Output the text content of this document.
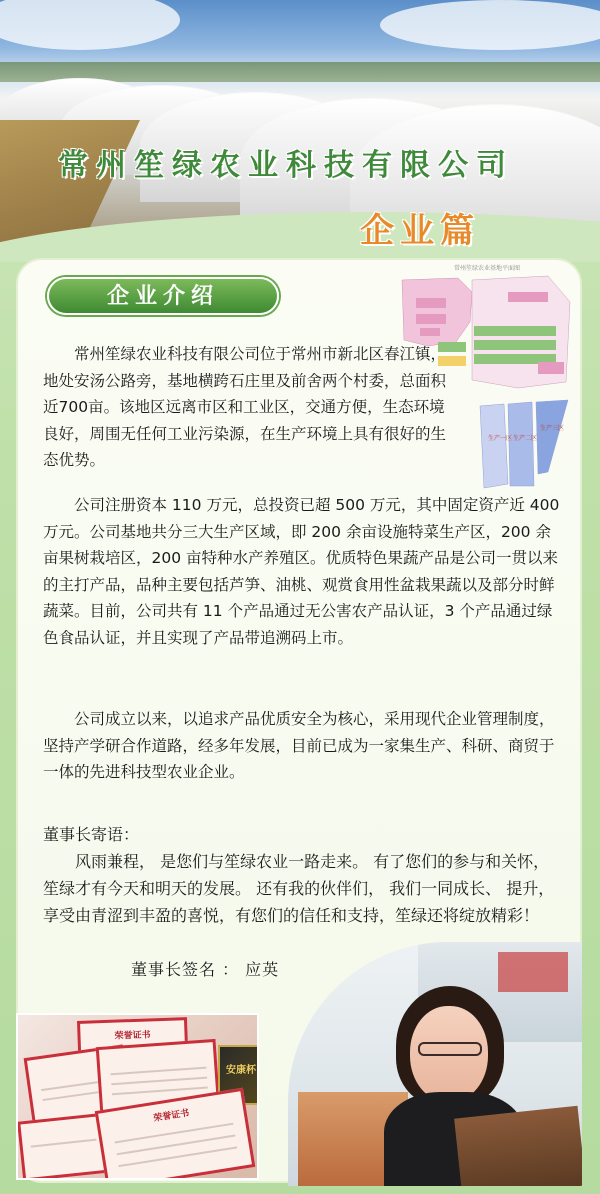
常州笙绿农业科技有限公司
企业篇
企业介绍
常州笙绿农业基地平面图
生产一区 生产二区
生产三区
常州笙绿农业科技有限公司位于常州市新北区春江镇，地处安汤公路旁，基地横跨石庄里及前舍两个村委，总面积近700亩。该地区远离市区和工业区，交通方便，生态环境良好，周围无任何工业污染源，在生产环境上具有很好的生态优势。
公司注册资本 110 万元，总投资已超 500 万元，其中固定资产近 400 万元。公司基地共分三大生产区域，即 200 余亩设施特菜生产区，200 余亩果树栽培区，200 亩特种水产养殖区。优质特色果蔬产品是公司一贯以来的主打产品，品种主要包括芦笋、油桃、观赏食用性盆栽果蔬以及部分时鲜蔬菜。目前，公司共有 11 个产品通过无公害农产品认证，3 个产品通过绿色食品认证，并且实现了产品带追溯码上市。
公司成立以来，以追求产品优质安全为核心，采用现代企业管理制度，坚持产学研合作道路，经多年发展，目前已成为一家集生产、科研、商贸于一体的先进科技型农业企业。
董事长寄语：
风雨兼程， 是您们与笙绿农业一路走来。 有了您们的参与和关怀， 笙绿才有今天和明天的发展。 还有我的伙伴们， 我们一同成长、 提升，享受由青涩到丰盈的喜悦，有您们的信任和支持，笙绿还将绽放精彩！
董事长签名 ： 应英
荣誉证书
安康杯
荣誉证书
